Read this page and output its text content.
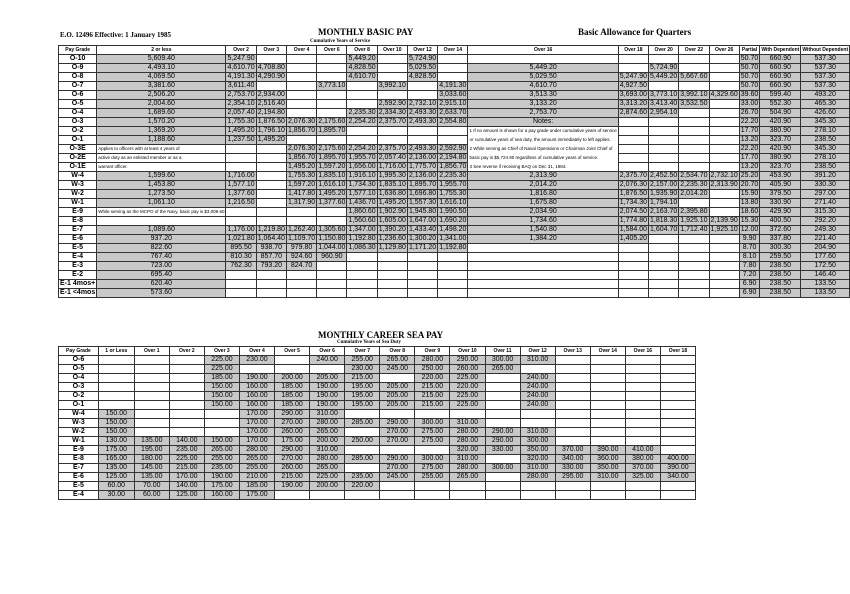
E.O. 12496 Effective: 1 January 1985	MONTHLY BASIC PAY	Basic Allowance for Quarters
Cumulative Years of Service
Pay Grade	2 or less	Over 2	Over 3	Over 4	Over 6	Over 8	Over 10	Over 12	Over 14	Over 16	Over 18	Over 20	Over 22	Over 26	Partial	With Dependent	Without Dependent
O-10	5,609.40	5,247.90				5,449.20		5,724.90							50.70	660.90	537.30
O-9	4,493.10	4,610.70	4,708.80			4,828.50		5,029.50		5,449.20		5,724.90			50.70	660.90	537.30
O-8	4,069.50	4,191.30	4,290.90			4,610.70		4,828.50		5,029.50	5,247.90	5,449.20	5,667.60		50.70	660.90	537.30
O-7	3,381.60	3,611.40			3,773.10		3,992.10		4,191.30	4,610.70	4,927.50				50.70	660.90	537.30
O-6	2,506.20	2,753.70	2,934.00						3,033.60	3,513.30	3,693.00	3,773.10	3,992.10	4,329.60	39.60	599.40	493.20
O-5	2,004.60	2,354.10	2,516.40				2,592.90	2,732.10	2,915.10	3,133.20	3,313.20	3,413.40	3,532.50		33.00	552.30	465.30
O-4	1,689.60	2,057.40	2,194.80			2,235.30	2,334.30	2,493.30	2,633.70	2,753.70	2,874.60	2,954.10			26.70	504.90	426.60
O-3	1,570.20	1,755.30	1,876.50	2,076.30	2,175.60	2,254.20	2,375.70	2,493.30	2,554.80	Notes:					22.20	420.90	345.30
O-2	1,369.20	1,495.20	1,796.10	1,856.70	1,895.70					1 If no amount is shown for a pay grade under cumulative years of service					17.70	380.90	278.10
O-1	1,188.60	1,237.50	1,495.20							or cumulative years of sea duty, the amount immediately to left applies.					13.20	323.70	238.50
O-3E	Applies to officers with at least 4 years of			2,076.30	2,175.60	2,254.20	2,375.70	2,493.30	2,592.90	2 While serving as Chief of Naval Operations or Chairman Joint Chief of					22.20	420.90	345.30
O-2E	active duty as an enlisted member or as a			1,856.70	1,895.70	1,955.70	2,057.40	2,136.00	2,194.80	basic pay is $5,724.90 regardless of cumulative years of service.					17.70	380.90	278.10
O-1E	warrant officer.			1,495.20	1,597.20	1,656.00	1,716.00	1,775.70	1,856.70	3 See reverse if receiving BAQ on Dec 31, 1984.					13.20	323.70	238.50
W-4	1,599.60	1,716.00		1,755.30	1,835.10	1,916.10	1,995.30	2,136.00	2,235.30	2,313.90	2,375.70	2,452.50	2,534.70	2,732.10	25.20	453.90	391.20
W-3	1,453.80	1,577.10		1,597.20	1,616.10	1,734.30	1,835.10	1,895.70	1,955.70	2,014.20	2,076.30	2,157.00	2,235.30	2,313.90	20.70	405.90	330.30
W-2	1,273.50	1,377.60		1,417.80	1,495.20	1,577.10	1,636.80	1,696.80	1,755.30	1,816.80	1,876.50	1,935.90	2,014.20		15.90	379.50	297.00
W-1	1,061.10	1,216.50		1,317.90	1,377.60	1,436.70	1,495.20	1,557.30	1,616.10	1,675.80	1,734.30	1,794.10			13.80	330.90	271.40
E-9	While serving as the MCPO of the Navy, basic pay is $3,009.60					1,860.60	1,902.90	1,945.80	1,990.50	2,034.90	2,074.50	2,163.70	2,395.80		18.60	429.90	315.30
E-8						1,560.60	1,605.00	1,647.00	1,690.20	1,734.60	1,774.80	1,818.30	1,925.10	2,139.90	15.30	400.50	292.20
E-7	1,089.60	1,176.00	1,219.80	1,262.40	1,305.60	1,347.00	1,390.20	1,433.40	1,498.20	1,540.80	1,584.00	1,604.70	1,712.40	1,925.10	12.00	372.60	249.30
E-6	937.20	1,021.80	1,064.40	1,109.70	1,150.80	1,192.80	1,236.60	1,300.20	1,341.00	1,384.20	1,405.20				9.90	337.80	221.40
E-5	822.60	895.50	938.70	979.80	1,044.00	1,086.30	1,129.80	1,171.20	1,192.80						8.70	300.30	204.90
E-4	767.40	810.30	857.70	924.60	960.90										8.10	259.50	177.60
E-3	723.00	762.30	793.20	824.70											7.80	238.50	172.50
E-2	695.40														7.20	238.50	146.40
E-1 4mos+	620.40														6.90	238.50	133.50
E-1 <4mos	573.60														6.90	238.50	133.50
MONTHLY CAREER SEA PAY
Cumulative Years of Sea Duty
Pay Grade	1 or Less	Over 1	Over 2	Over 3	Over 4	Over 5	Over 6	Over 7	Over 8	Over 9	Over 10	Over 11	Over 12	Over 13	Over 14	Over 16	Over 18
O-6				225.00	230.00		240.00	255.00	265.00	280.00	290.00	300.00	310.00				
O-5				225.00				230.00	245.00	250.00	260.00	265.00					
O-4				185.00	190.00	200.00	205.00	215.00		220.00	225.00		240.00				
O-3				150.00	160.00	185.00	190.00	195.00	205.00	215.00	220.00		240.00				
O-2				150.00	160.00	185.00	190.00	195.00	205.00	215.00	225.00		240.00				
O-1				150.00	160.00	185.00	190.00	195.00	205.00	215.00	225.00		240.00				
W-4	150.00				170.00	290.00	310.00										
W-3	150.00				170.00	270.00	280.00	285.00	290.00	300.00	310.00						
W-2	150.00				170.00	260.00	265.00		270.00	275.00	280.00	290.00	310.00				
W-1	130.00	135.00	140.00	150.00	170.00	175.00	200.00	250.00	270.00	275.00	280.00	290.00	300.00				
E-9	175.00	195.00	235.00	265.00	280.00	290.00	310.00				320.00	330.00	350.00	370.00	390.00	410.00	
E-8	165.00	180.00	225.00	255.00	265.00	270.00	280.00	285.00	290.00	300.00	310.00		320.00	340.00	360.00	380.00	400.00
E-7	135.00	145.00	215.00	235.00	255.00	260.00	265.00		270.00	275.00	280.00	300.00	310.00	330.00	350.00	370.00	390.00
E-6	125.00	135.00	170.00	190.00	210.00	215.00	225.00	235.00	245.00	255.00	265.00		280.00	295.00	310.00	325.00	340.00
E-5	60.00	70.00	140.00	175.00	185.00	190.00	200.00	220.00									
E-4	30.00	60.00	125.00	160.00	175.00												
